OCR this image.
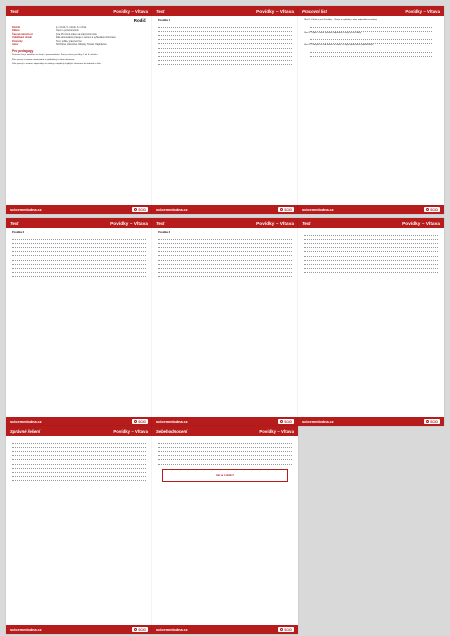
Text	Povídky – Vltava
Rodič
Ročník	4. ročník, 5. ročník, 6. ročník
Oblast	Čtení s porozuměním
Časová náročnost	Cca 45 minut práce na pracovním listu
Vzdělávací obsah	Žák samostatně pracuje s textem a vyhledává informace
Pomůcky	Text, tužka, pracovní list
Autor	SCIOdna, Zázvorka, Nikolaj, Tomáš, Hajduková
Pro pedagogy

Pracovní list je zaměřen na čtení s porozuměním. Text je určen pro žáky 4. až 6. ročníku.

Žáci pracují s textem samostatně a vyhledávají v něm informace.

Dále pracují s textem, odpovídají na otázky a doplňují chybějící informace do tabulek a úloh.

scioemedodna.cz	SCIO
Text	Povídky – Vltava
Povídka 1
scioemedodna.cz	SCIO
Pracovní list	Povídky – Vltava

Úkol 1: Přečti si text Povídky – Vltava a vyhledej v něm odpovědi na otázky.

Úkol 2: Vyber z textu správné odpovědi a zapiš je na řádky.

Úkol 3: Zamysli se nad textem a napiš, co bylo podle tebe nejdůležitější.

scioemedodna.cz	SCIO
Text	Povídky – Vltava
Povídka 2
scioemedodna.cz	SCIO
Text	Povídky – Vltava
Povídka 3
scioemedodna.cz	SCIO
Text	Povídky – Vltava
scioemedodna.cz	SCIO
Správné řešení	Povídky – Vltava
scioemedodna.cz	SCIO
Sebehodnocení	Povídky – Vltava
Jak se ti dařilo?
scioemedodna.cz	SCIO
